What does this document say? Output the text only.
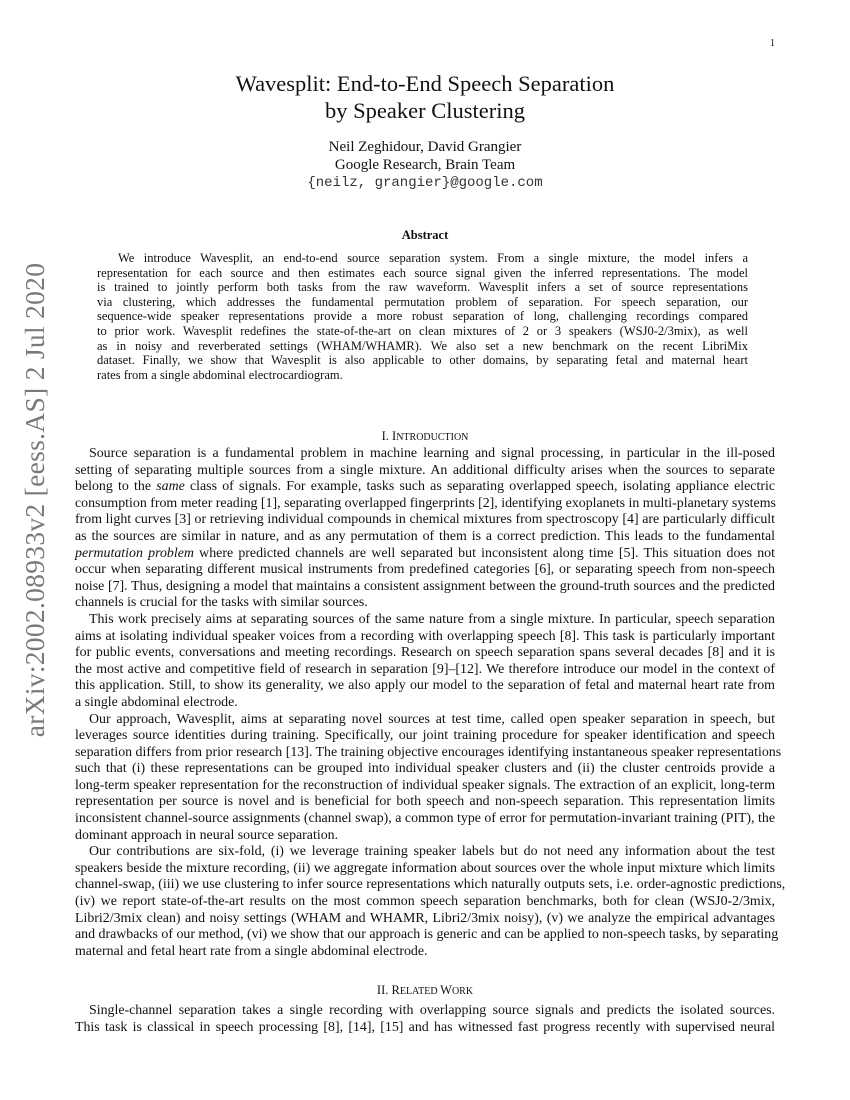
1
arXiv:2002.08933v2 [eess.AS] 2 Jul 2020
Wavesplit: End-to-End Speech Separation
by Speaker Clustering
Neil Zeghidour, David Grangier
Google Research, Brain Team
{neilz, grangier}@google.com
Abstract
We introduce Wavesplit, an end-to-end source separation system. From a single mixture, the model infers a
representation for each source and then estimates each source signal given the inferred representations. The model
is trained to jointly perform both tasks from the raw waveform. Wavesplit infers a set of source representations
via clustering, which addresses the fundamental permutation problem of separation. For speech separation, our
sequence-wide speaker representations provide a more robust separation of long, challenging recordings compared
to prior work. Wavesplit redefines the state-of-the-art on clean mixtures of 2 or 3 speakers (WSJ0-2/3mix), as well
as in noisy and reverberated settings (WHAM/WHAMR). We also set a new benchmark on the recent LibriMix
dataset. Finally, we show that Wavesplit is also applicable to other domains, by separating fetal and maternal heart
rates from a single abdominal electrocardiogram.
I. INTRODUCTION
Source separation is a fundamental problem in machine learning and signal processing, in particular in the ill-posed
setting of separating multiple sources from a single mixture. An additional difficulty arises when the sources to separate
belong to the same class of signals. For example, tasks such as separating overlapped speech, isolating appliance electric
consumption from meter reading [1], separating overlapped fingerprints [2], identifying exoplanets in multi-planetary systems
from light curves [3] or retrieving individual compounds in chemical mixtures from spectroscopy [4] are particularly difficult
as the sources are similar in nature, and as any permutation of them is a correct prediction. This leads to the fundamental
permutation problem where predicted channels are well separated but inconsistent along time [5]. This situation does not
occur when separating different musical instruments from predefined categories [6], or separating speech from non-speech
noise [7]. Thus, designing a model that maintains a consistent assignment between the ground-truth sources and the predicted
channels is crucial for the tasks with similar sources.
This work precisely aims at separating sources of the same nature from a single mixture. In particular, speech separation
aims at isolating individual speaker voices from a recording with overlapping speech [8]. This task is particularly important
for public events, conversations and meeting recordings. Research on speech separation spans several decades [8] and it is
the most active and competitive field of research in separation [9]–[12]. We therefore introduce our model in the context of
this application. Still, to show its generality, we also apply our model to the separation of fetal and maternal heart rate from
a single abdominal electrode.
Our approach, Wavesplit, aims at separating novel sources at test time, called open speaker separation in speech, but
leverages source identities during training. Specifically, our joint training procedure for speaker identification and speech
separation differs from prior research [13]. The training objective encourages identifying instantaneous speaker representations
such that (i) these representations can be grouped into individual speaker clusters and (ii) the cluster centroids provide a
long-term speaker representation for the reconstruction of individual speaker signals. The extraction of an explicit, long-term
representation per source is novel and is beneficial for both speech and non-speech separation. This representation limits
inconsistent channel-source assignments (channel swap), a common type of error for permutation-invariant training (PIT), the
dominant approach in neural source separation.
Our contributions are six-fold, (i) we leverage training speaker labels but do not need any information about the test
speakers beside the mixture recording, (ii) we aggregate information about sources over the whole input mixture which limits
channel-swap, (iii) we use clustering to infer source representations which naturally outputs sets, i.e. order-agnostic predictions,
(iv) we report state-of-the-art results on the most common speech separation benchmarks, both for clean (WSJ0-2/3mix,
Libri2/3mix clean) and noisy settings (WHAM and WHAMR, Libri2/3mix noisy), (v) we analyze the empirical advantages
and drawbacks of our method, (vi) we show that our approach is generic and can be applied to non-speech tasks, by separating
maternal and fetal heart rate from a single abdominal electrode.
II. RELATED WORK
Single-channel separation takes a single recording with overlapping source signals and predicts the isolated sources.
This task is classical in speech processing [8], [14], [15] and has witnessed fast progress recently with supervised neural
